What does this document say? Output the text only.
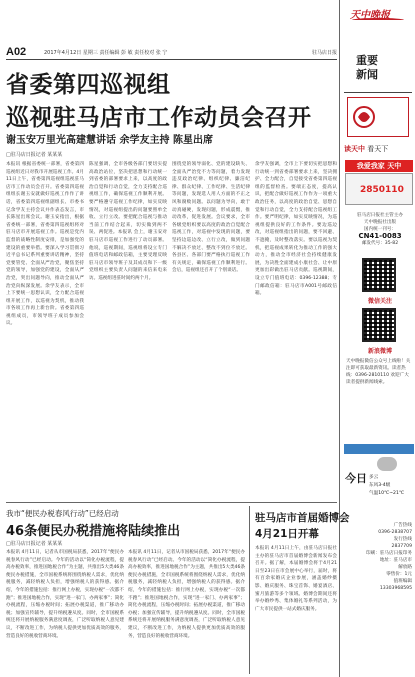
A02	2017年4月12日 星期三 责任编辑 彭 敏 责任校对 张 宁	驻马店日报
省委第四巡视组
巡视驻马店市工作动员会召开
谢玉安万里光高建慧讲话 余学友主持 陈星出席
□驻马店日报记者 某某某
本报讯 根据省委统一部署，省委第四巡视组近日对我市开展巡视工作。4月11日上午，省委第四巡视组巡视驻马店市工作动员会召开。省委第四巡视组组长谢玉安就做好巡视工作作了讲话，省委第四巡视组副组长、市委书记余学友主持会议并作表态发言，市长陈星出席会议。谢玉安指出，根据省委统一部署，省委第四巡视组将对驻马店市开展巡视工作。巡视是党内监督的战略性制度安排，是加强党的建设的重要举措。要深入学习贯彻习近平总书记系列重要讲话精神，坚持党要管党、全面从严治党，聚焦坚持党的领导，加强党的建设，全面从严治党，突出问题导向，推动全面从严治党向纵深发展。余学友表示，全市上下要统一思想认识，全力配合巡视组开展工作，以巡视为契机，推动我市各项工作再上新台阶。省委第四巡视组成员，市领导班子成员参加会议。
陈星强调，全市各级各部门要切实提高政治站位，坚决把思想和行动统一到省委的部署要求上来，以高度的政治自觉和行动自觉，全力支持配合巡视组工作，确保巡视工作顺利开展。要严格遵守巡视工作纪律，如实反映情况，对巡视组提出的问题要照单全收、立行立改。要把配合巡视与推动当前工作结合起来，切实做到两不误、两促进。本报讯 会上，谢玉安对驻马店市巡视工作进行了动员部署。他说，巡视期间，巡视组将设立专门值班电话和邮政信箱，主要受理反映驻马店市领导班子及其成员和下一级党组织主要负责人问题的来信来电来访。巡视组进驻时间约两个月。
围绕党的领导弱化、党的建设缺失、全面从严治党不力等问题，着力发现违反政治纪律、组织纪律、廉洁纪律、群众纪律、工作纪律、生活纪律等问题，发现选人用人方面的不正之风和腐败问题。以问题为导向，敢于动真碰硬，发现问题，形成震慑，推动改革，促进发展。会议要求，全市各级党组织要以高度的政治自觉配合巡视工作，对巡视中发现的问题，要坚持边巡边改、立行立改，做到问题不解决不放过、整改不到位不放过。各县区、各部门要严格执行巡视工作有关规定，确保巡视工作顺利进行。会后，巡视组还召开了个别谈话。
余学友强调，全市上下要切实把思想和行动统一到省委部署要求上来，坚决拥护、全力配合，自觉接受省委第四巡视组的监督检查。要端正态度，提高认识，把配合做好巡视工作作为一项重大政治任务，以高度的政治自觉、思想自觉和行动自觉，全力支持配合巡视组工作。要严明纪律，如实反映情况，为巡视组提供良好的工作条件。要边巡边改，对巡视组指出的问题，要不回避、不遮掩，及时整改落实。要以巡视为契机，把巡视成果转化为推动工作的强大动力，推动全市经济社会持续健康发展，为决胜全面建成小康社会、让中原更加出彩做出驻马店贡献。巡视期间，设立专门值班电话：0396-12388；专门邮政信箱：驻马店市A001号邮政信箱。
我市“便民办税春风行动”已经启动
46条便民办税措施将陆续推出
□驻马店日报记者 某某某
本报讯 4月11日，记者从市国税局获悉，2017年“便民办税春风行动”已经启动。今年的活动以“简化办税流程，提高办税效率，推进国地税合作”为主题，共推出5大类46条便民办税措施，全市国税系统将围绕纳税人需求，优化纳税服务，减轻纳税人负担，增强纳税人的获得感。据介绍，今年的措施包括：推行网上办税，实现办税“一次都不跑”；推进国地税合作，实现“进一家门、办两家事”；简化办税流程，压缩办税时间；拓展办税渠道，推广移动办税；加强宣传辅导，提升纳税遵从度。同时，全市国税系统还将开展纳税服务满意度调查，广泛听取纳税人意见建议，不断改进工作，为纳税人提供更加优质高效的服务，营造良好的税收营商环境。
本报讯 4月11日，记者从市国税局获悉，2017年“便民办税春风行动”已经启动。今年的活动以“简化办税流程，提高办税效率，推进国地税合作”为主题，共推出5大类46条便民办税措施，全市国税系统将围绕纳税人需求，优化纳税服务，减轻纳税人负担，增强纳税人的获得感。据介绍，今年的措施包括：推行网上办税，实现办税“一次都不跑”；推进国地税合作，实现“进一家门、办两家事”；简化办税流程，压缩办税时间；拓展办税渠道，推广移动办税；加强宣传辅导，提升纳税遵从度。同时，全市国税系统还将开展纳税服务满意度调查，广泛听取纳税人意见建议，不断改进工作，为纳税人提供更加优质高效的服务，营造良好的税收营商环境。
驻马店市首届婚博会
4月21日开幕
本报讯 4月11日上午，由驻马店日报社主办的驻马店市首届婚博会新闻发布会召开。据了解，本届婚博会将于4月21日至23日在市会展中心举行，届时，将有百余家婚庆企业参展，涵盖婚纱摄影、婚庆服务、珠宝首饰、婚宴酒店、蜜月旅游等多个领域。婚博会期间还将举办婚纱秀、集体婚礼等系列活动，为广大市民提供一站式婚庆服务。
天中晚报
重要
新闻
读天中 看天下
我爱我家 天中
2850110
驻马店日报社主管主办
天中晚报社出版
国内统一刊号：
CN41-0083
邮发代号：35-82
微信关注
新浪微博
天中晚报微信公众号上线啦！关注即可获取最新资讯。读者热线：0396-2810110 欢迎广大读者提供新闻线索。
今日 多云
东风3-4级
气温10℃~21℃
广告热线
0396-2838707
发行热线
2837709
印刷：驻马店日报印务
地址：驻马店市
解放路
零售价：1元
值班编辑
13303968595
